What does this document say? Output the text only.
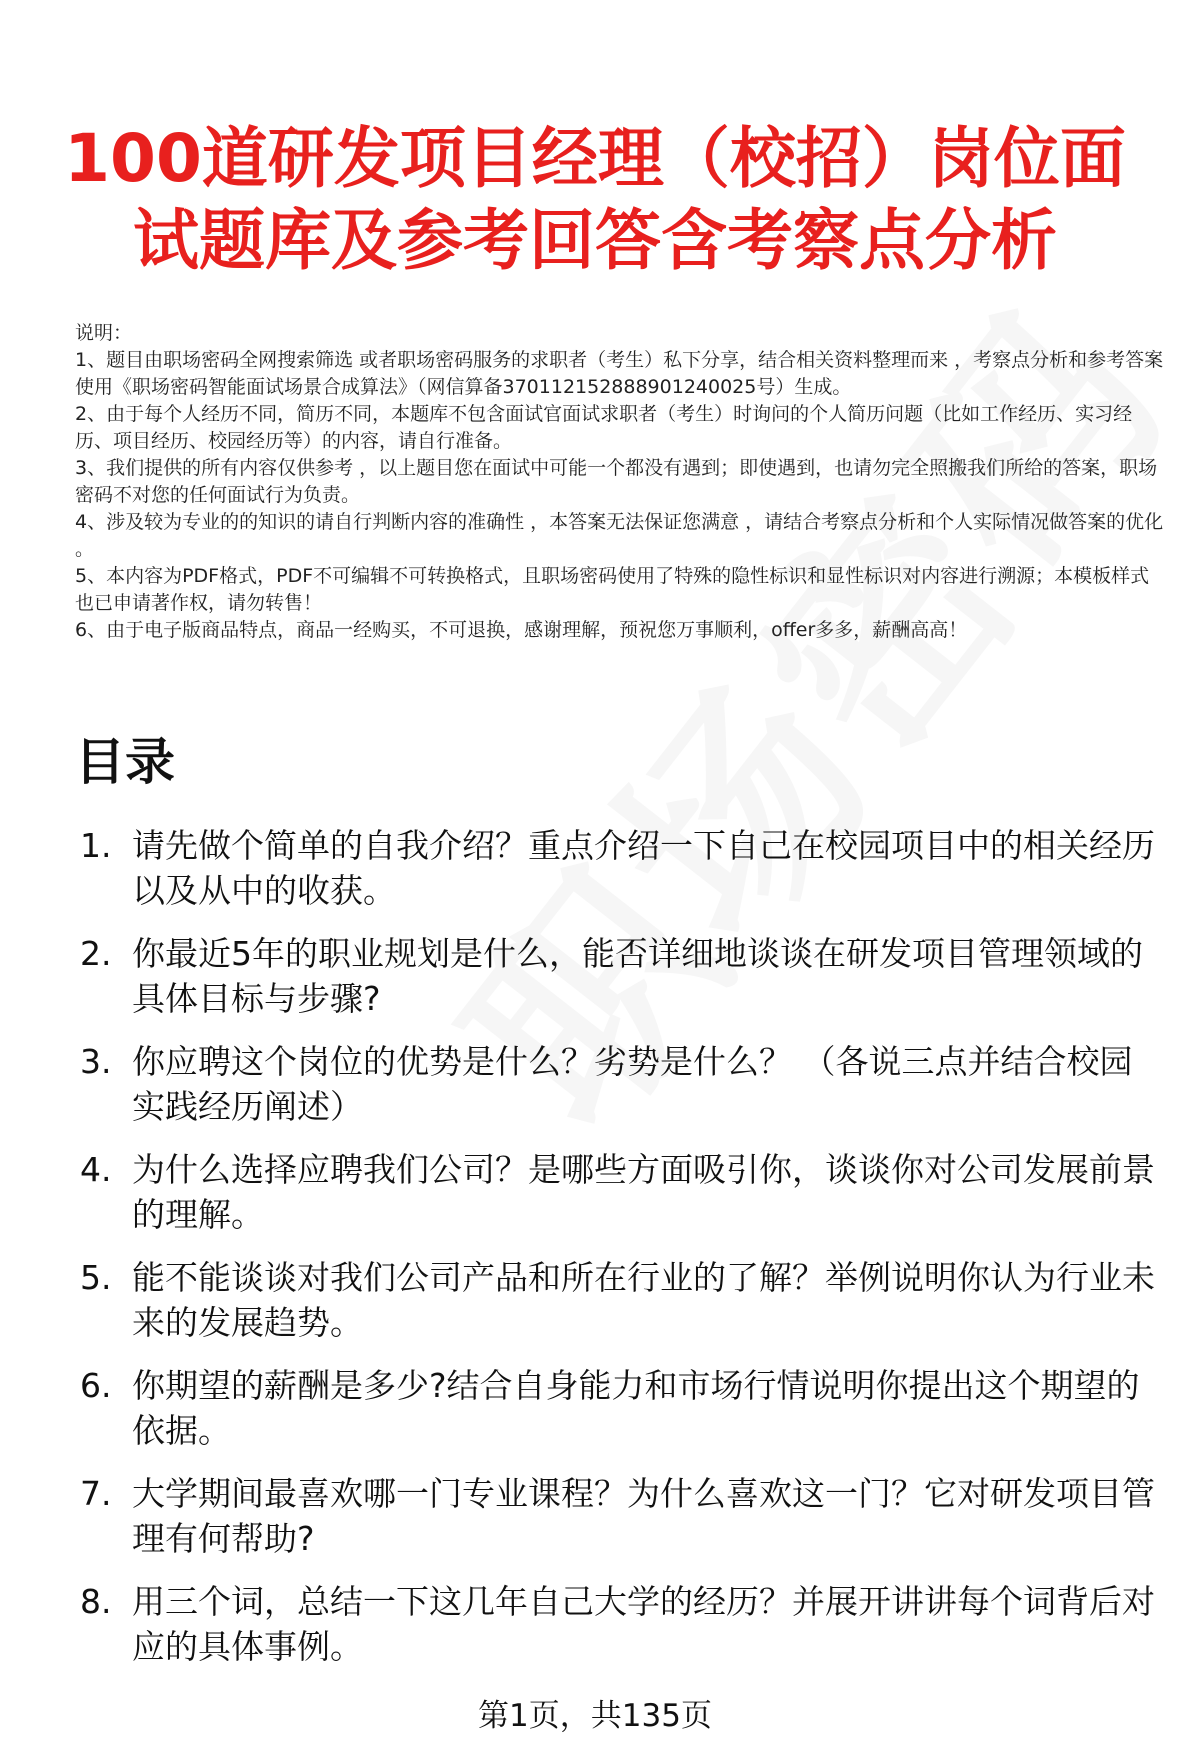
100道研发项目经理（校招）岗位面试题库及参考回答含考察点分析

说明：

1、题目由职场密码全网搜索筛选 或者职场密码服务的求职者（考生）私下分享，结合相关资料整理而来 ，考察点分析和参考答案使用《职场密码智能面试场景合成算法》（网信算备370112152888901240025号）生成。

2、由于每个人经历不同，简历不同，本题库不包含面试官面试求职者（考生）时询问的个人简历问题（比如工作经历、实习经历、项目经历、校园经历等）的内容，请自行准备。

3、我们提供的所有内容仅供参考 ，以上题目您在面试中可能一个都没有遇到；即使遇到，也请勿完全照搬我们所给的答案，职场密码不对您的任何面试行为负责。

4、涉及较为专业的的知识的请自行判断内容的准确性 ，本答案无法保证您满意 ，请结合考察点分析和个人实际情况做答案的优化 。

5、本内容为PDF格式，PDF不可编辑不可转换格式，且职场密码使用了特殊的隐性标识和显性标识对内容进行溯源；本模板样式也已申请著作权，请勿转售！

6、由于电子版商品特点，商品一经购买，不可退换，感谢理解，预祝您万事顺利，offer多多，薪酬高高！

目录
1. 请先做个简单的自我介绍？重点介绍一下自己在校园项目中的相关经历以及从中的收获。
2. 你最近5年的职业规划是什么，能否详细地谈谈在研发项目管理领域的具体目标与步骤?
3. 你应聘这个岗位的优势是什么？劣势是什么？ （各说三点并结合校园实践经历阐述）
4. 为什么选择应聘我们公司？是哪些方面吸引你，谈谈你对公司发展前景的理解。
5. 能不能谈谈对我们公司产品和所在行业的了解？举例说明你认为行业未来的发展趋势。
6. 你期望的薪酬是多少?结合自身能力和市场行情说明你提出这个期望的依据。
7. 大学期间最喜欢哪一门专业课程？为什么喜欢这一门？它对研发项目管理有何帮助?
8. 用三个词，总结一下这几年自己大学的经历？并展开讲讲每个词背后对应的具体事例。
第1页，共135页
